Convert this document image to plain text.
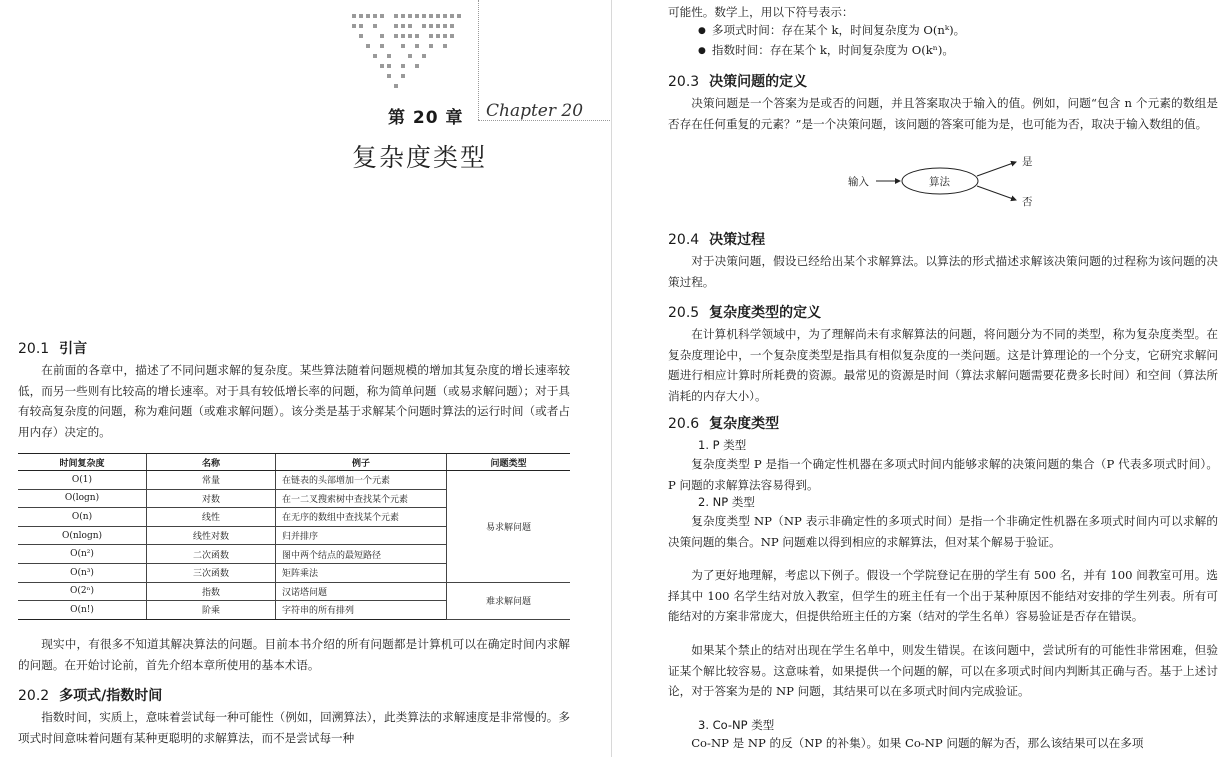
第 20 章 Chapter 20
复杂度类型
20.1 引言
在前面的各章中，描述了不同问题求解的复杂度。某些算法随着问题规模的增加其复杂度的增长速率较低，而另一些则有比较高的增长速率。对于具有较低增长率的问题，称为简单问题（或易求解问题）；对于具有较高复杂度的问题，称为难问题（或难求解问题）。该分类是基于求解某个问题时算法的运行时间（或者占用内存）决定的。
时间复杂度	名称	例子	问题类型
O(1)	常量	在链表的头部增加一个元素	易求解问题
O(logn)	对数	在一二叉搜索树中查找某个元素	
O(n)	线性	在无序的数组中查找某个元素	
O(nlogn)	线性对数	归并排序	
O(n²)	二次函数	图中两个结点的最短路径	
O(n³)	三次函数	矩阵乘法	
O(2ⁿ)	指数	汉诺塔问题	难求解问题
O(n!)	阶乘	字符串的所有排列	
现实中，有很多不知道其解决算法的问题。目前本书介绍的所有问题都是计算机可以在确定时间内求解的问题。在开始讨论前，首先介绍本章所使用的基本术语。
20.2 多项式/指数时间
指数时间，实质上，意味着尝试每一种可能性（例如，回溯算法），此类算法的求解速度是非常慢的。多项式时间意味着问题有某种更聪明的求解算法，而不是尝试每一种
可能性。数学上，用以下符号表示：
● 多项式时间：存在某个 k，时间复杂度为 O(nᵏ)。
● 指数时间：存在某个 k，时间复杂度为 O(kⁿ)。
20.3 决策问题的定义
决策问题是一个答案为是或否的问题，并且答案取决于输入的值。例如，问题“包含 n 个元素的数组是否存在任何重复的元素？”是一个决策问题，该问题的答案可能为是，也可能为否，取决于输入数组的值。
20.4 决策过程
对于决策问题，假设已经给出某个求解算法。以算法的形式描述求解该决策问题的过程称为该问题的决策过程。
20.5 复杂度类型的定义
在计算机科学领域中，为了理解尚未有求解算法的问题，将问题分为不同的类型，称为复杂度类型。在复杂度理论中，一个复杂度类型是指具有相似复杂度的一类问题。这是计算理论的一个分支，它研究求解问题进行相应计算时所耗费的资源。最常见的资源是时间（算法求解问题需要花费多长时间）和空间（算法所消耗的内存大小）。
20.6 复杂度类型
1. P 类型
复杂度类型 P 是指一个确定性机器在多项式时间内能够求解的决策问题的集合（P 代表多项式时间）。P 问题的求解算法容易得到。
2. NP 类型
复杂度类型 NP（NP 表示非确定性的多项式时间）是指一个非确定性机器在多项式时间内可以求解的决策问题的集合。NP 问题难以得到相应的求解算法，但对某个解易于验证。
为了更好地理解，考虑以下例子。假设一个学院登记在册的学生有 500 名，并有 100 间教室可用。选择其中 100 名学生结对放入教室，但学生的班主任有一个出于某种原因不能结对安排的学生列表。所有可能结对的方案非常庞大，但提供给班主任的方案（结对的学生名单）容易验证是否存在错误。
如果某个禁止的结对出现在学生名单中，则发生错误。在该问题中，尝试所有的可能性非常困难，但验证某个解比较容易。这意味着，如果提供一个问题的解，可以在多项式时间内判断其正确与否。基于上述讨论，对于答案为是的 NP 问题，其结果可以在多项式时间内完成验证。
3. Co-NP 类型
Co-NP 是 NP 的反（NP 的补集）。如果 Co-NP 问题的解为否，那么该结果可以在多项
输入	算法
是
否
